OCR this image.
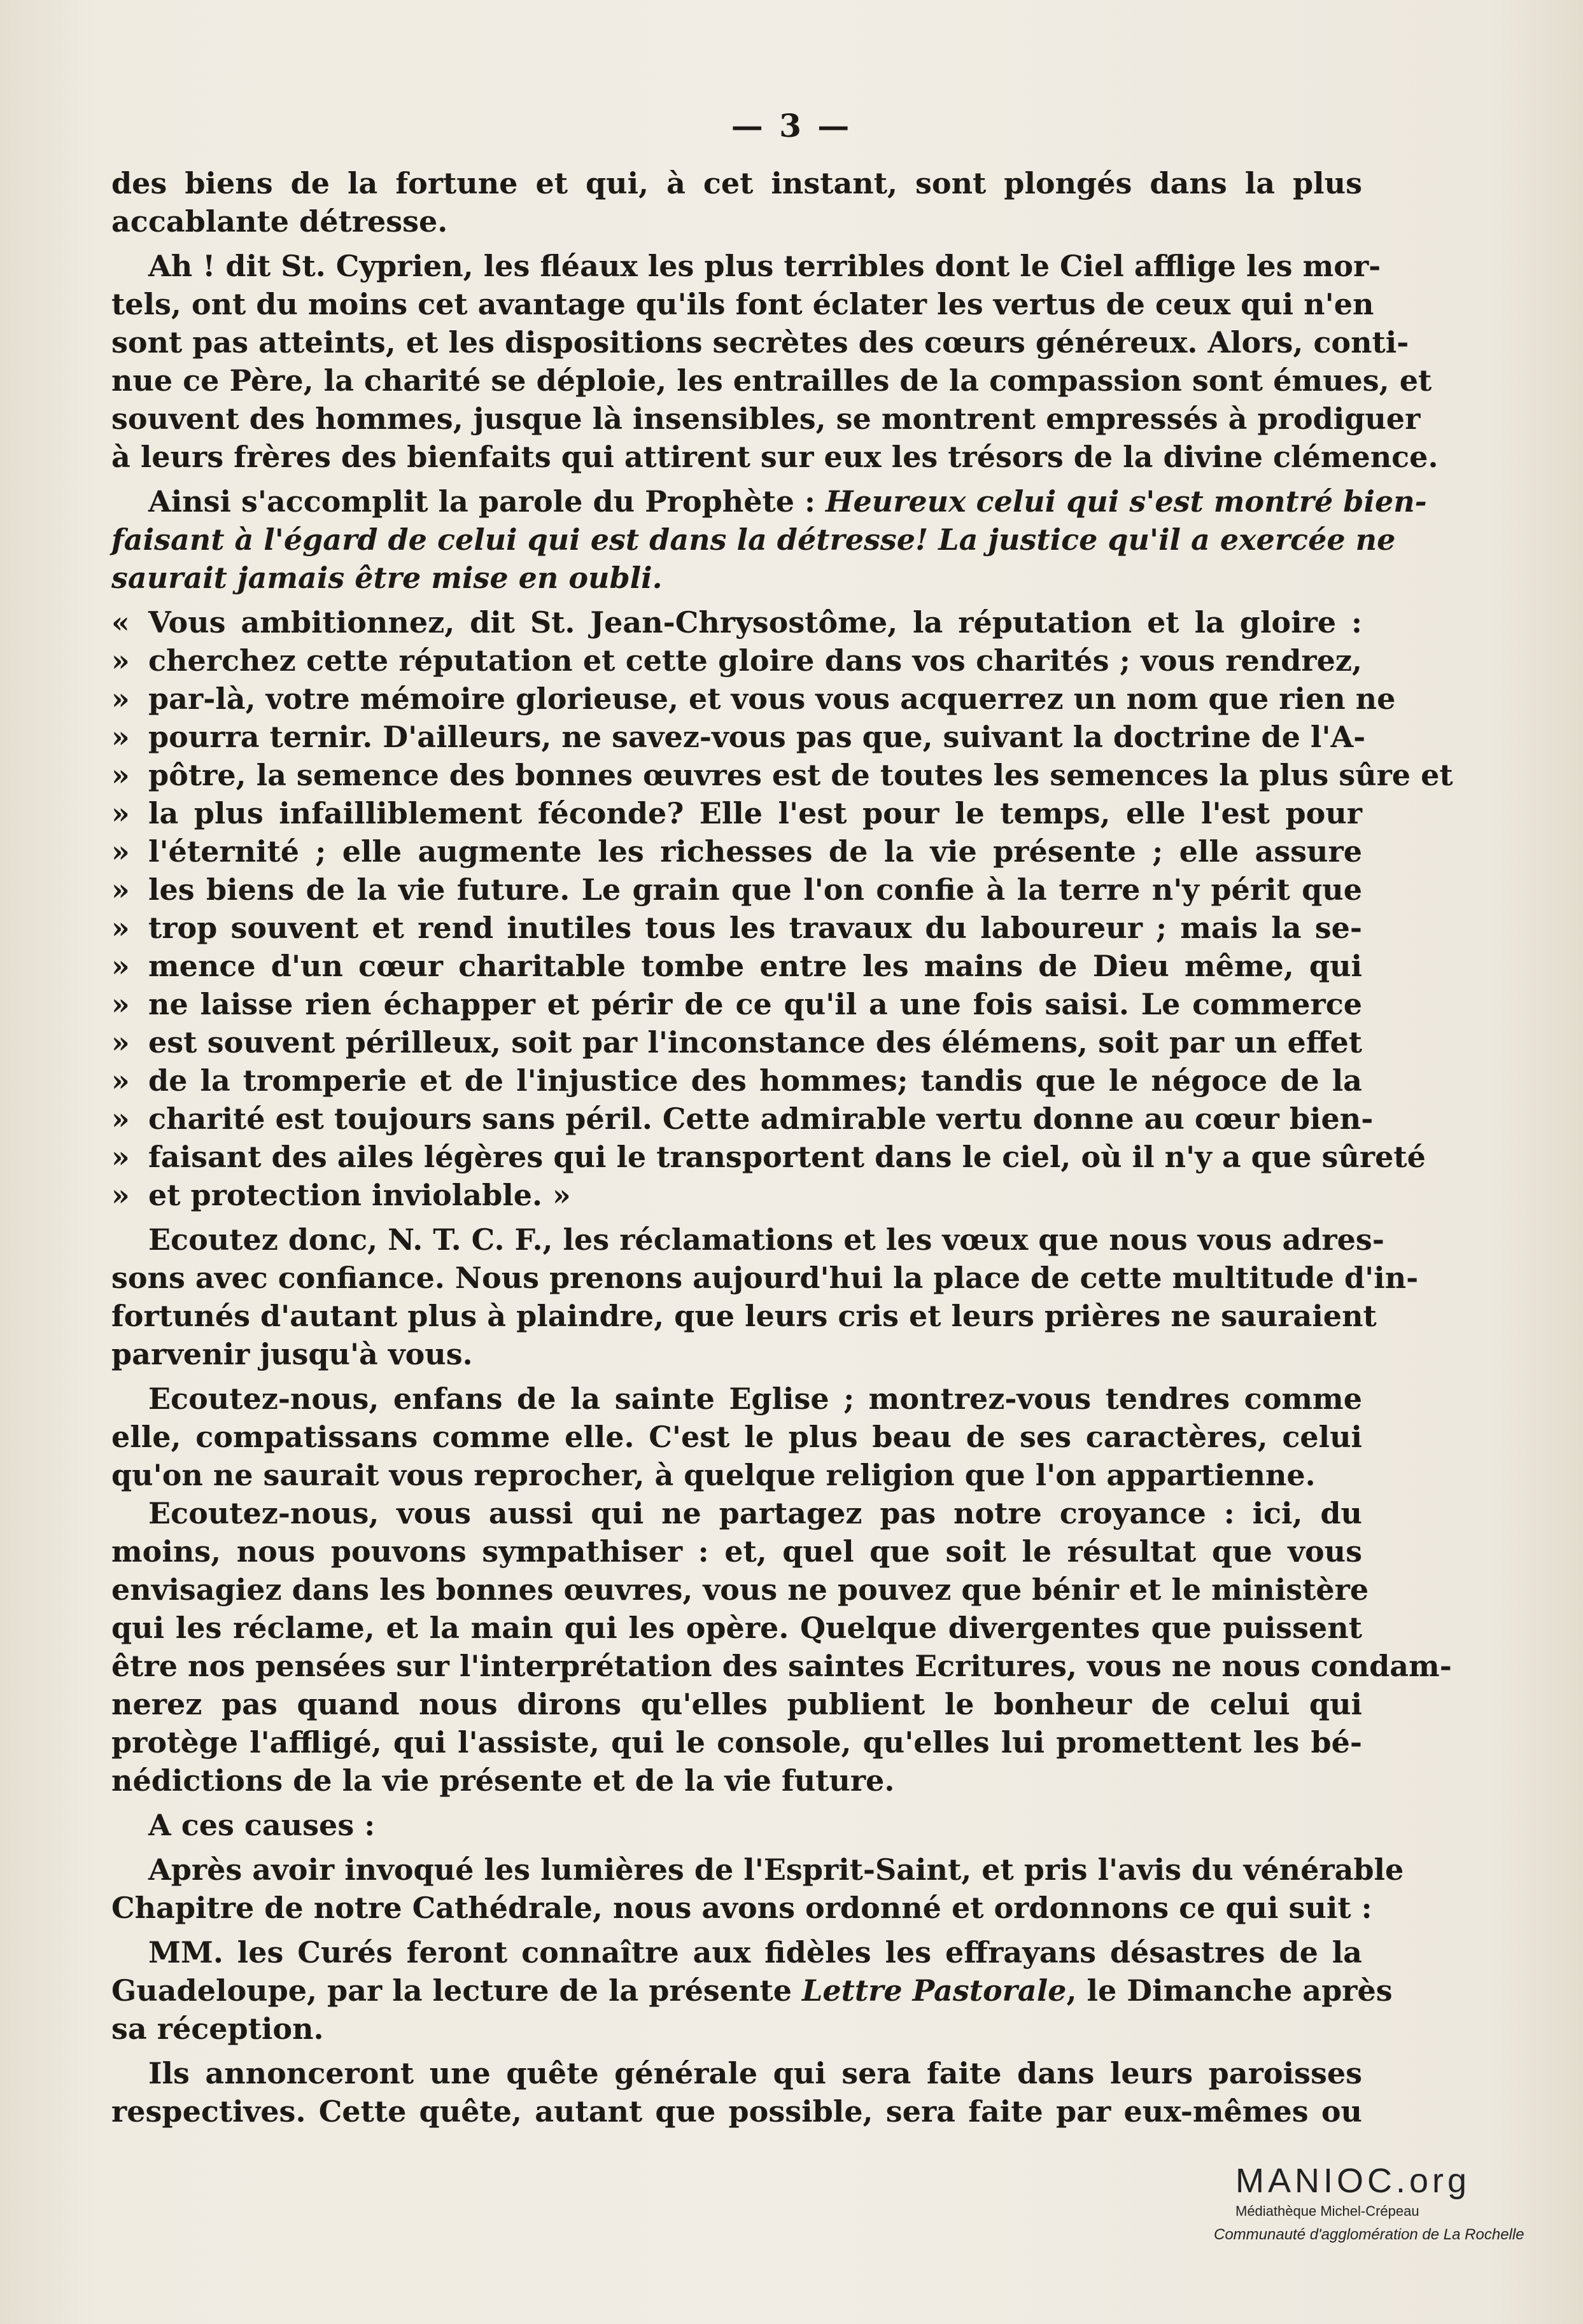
— 3 —
des biens de la fortune et qui, à cet instant, sont plongés dans la plus
accablante détresse.
Ah ! dit St. Cyprien, les fléaux les plus terribles dont le Ciel afflige les mor-
tels, ont du moins cet avantage qu'ils font éclater les vertus de ceux qui n'en
sont pas atteints, et les dispositions secrètes des cœurs généreux. Alors, conti-
nue ce Père, la charité se déploie, les entrailles de la compassion sont émues, et
souvent des hommes, jusque là insensibles, se montrent empressés à prodiguer
à leurs frères des bienfaits qui attirent sur eux les trésors de la divine clémence.
Ainsi s'accomplit la parole du Prophète : Heureux celui qui s'est montré bien-
faisant à l'égard de celui qui est dans la détresse! La justice qu'il a exercée ne
saurait jamais être mise en oubli.
« Vous ambitionnez, dit St. Jean-Chrysostôme, la réputation et la gloire :
» cherchez cette réputation et cette gloire dans vos charités ; vous rendrez,
» par-là, votre mémoire glorieuse, et vous vous acquerrez un nom que rien ne
» pourra ternir. D'ailleurs, ne savez-vous pas que, suivant la doctrine de l'A-
» pôtre, la semence des bonnes œuvres est de toutes les semences la plus sûre et
» la plus infailliblement féconde? Elle l'est pour le temps, elle l'est pour
» l'éternité ; elle augmente les richesses de la vie présente ; elle assure
» les biens de la vie future. Le grain que l'on confie à la terre n'y périt que
» trop souvent et rend inutiles tous les travaux du laboureur ; mais la se-
» mence d'un cœur charitable tombe entre les mains de Dieu même, qui
» ne laisse rien échapper et périr de ce qu'il a une fois saisi. Le commerce
» est souvent périlleux, soit par l'inconstance des élémens, soit par un effet
» de la tromperie et de l'injustice des hommes; tandis que le négoce de la
» charité est toujours sans péril. Cette admirable vertu donne au cœur bien-
» faisant des ailes légères qui le transportent dans le ciel, où il n'y a que sûreté
» et protection inviolable. »
Ecoutez donc, N. T. C. F., les réclamations et les vœux que nous vous adres-
sons avec confiance. Nous prenons aujourd'hui la place de cette multitude d'in-
fortunés d'autant plus à plaindre, que leurs cris et leurs prières ne sauraient
parvenir jusqu'à vous.
Ecoutez-nous, enfans de la sainte Eglise ; montrez-vous tendres comme
elle, compatissans comme elle. C'est le plus beau de ses caractères, celui
qu'on ne saurait vous reprocher, à quelque religion que l'on appartienne.
Ecoutez-nous, vous aussi qui ne partagez pas notre croyance : ici, du
moins, nous pouvons sympathiser : et, quel que soit le résultat que vous
envisagiez dans les bonnes œuvres, vous ne pouvez que bénir et le ministère
qui les réclame, et la main qui les opère. Quelque divergentes que puissent
être nos pensées sur l'interprétation des saintes Ecritures, vous ne nous condam-
nerez pas quand nous dirons qu'elles publient le bonheur de celui qui
protège l'affligé, qui l'assiste, qui le console, qu'elles lui promettent les bé-
nédictions de la vie présente et de la vie future.
A ces causes :
Après avoir invoqué les lumières de l'Esprit-Saint, et pris l'avis du vénérable
Chapitre de notre Cathédrale, nous avons ordonné et ordonnons ce qui suit :
MM. les Curés feront connaître aux fidèles les effrayans désastres de la
Guadeloupe, par la lecture de la présente Lettre Pastorale, le Dimanche après
sa réception.
Ils annonceront une quête générale qui sera faite dans leurs paroisses
respectives. Cette quête, autant que possible, sera faite par eux-mêmes ou
MANIOC.org
Médiathèque Michel-Crépeau
Communauté d'agglomération de La Rochelle
